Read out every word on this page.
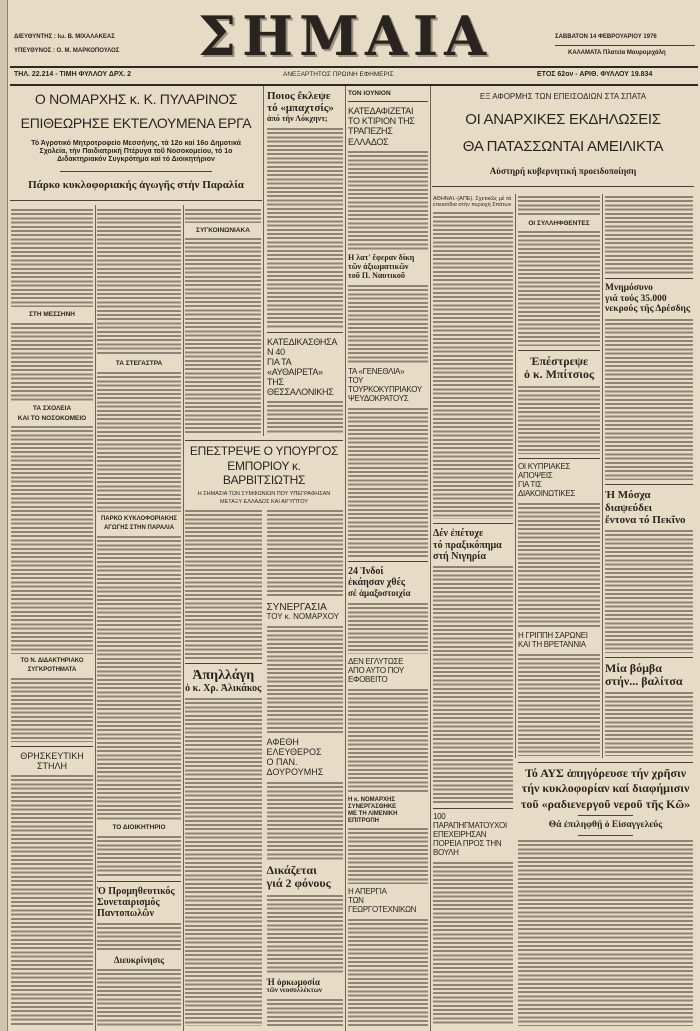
ΔΙΕΥΘΥΝΤΗΣ : Ιω. Β. ΜΙΧΑΛΑΚΕΑΣ
ΥΠΕΥΘΥΝΟΣ : Ο. Μ. ΜΑΡΚΟΠΟΥΛΟΣ	ΣΗΜΑΙΑ	ΣΑΒΒΑΤΟΝ 14 ΦΕΒΡΟΥΑΡΙΟΥ 1976
ΚΑΛΑΜΑΤΑ Πλατεία Μαυρομιχάλη
ΤΗΛ. 22.214 - ΤΙΜΗ ΦΥΛΛΟΥ ΔΡΧ. 2	ΑΝΕΞΑΡΤΗΤΟΣ ΠΡΩΙΝΗ ΕΦΗΜΕΡΙΣ	ΕΤΟΣ 62ον - ΑΡΙΘ. ΦΥΛΛΟΥ 19.834
Ο ΝΟΜΑΡΧΗΣ κ. Κ. ΠΥΛΑΡΙΝΟΣ
ΕΠΙΘΕΩΡΗΣΕ ΕΚΤΕΛΟΥΜΕΝΑ ΕΡΓΑ
Τό Άγροτικό Μητροτροφείο Μεσσήνης, τά 12ο καί 16ο Δημοτικά Σχολεία, τήν Παιδιατρική Πτέρυγα τοῦ Νοσοκομείου, τό 1ο Διδακτηριακόν Συγκρότημα καί τό Διοικητήριον
Πάρκο κυκλοφοριακής ἀγωγῆς στὴν Παραλία
ΣΤΗ ΜΕΣΣΗΝΗ
ΤΑ ΣΧΟΛΕΙΑ
ΚΑΙ ΤΟ ΝΟΣΟΚΟΜΕΙΟ
ΤΟ Ν. ΔΙΔΑΚΤΗΡΙΑΚΟ
ΣΥΓΚΡΟΤΗΜΑΤΑ
ΘΡΗΣΚΕΥΤΙΚΗ ΣΤΗΛΗ
ΤΑ ΣΤΕΓΑΣΤΡΑ
ΠΑΡΚΟ ΚΥΚΛΟΦΟΡΙΑΚΗΣ
ΑΓΩΓΗΣ ΣΤΗΝ ΠΑΡΑΛΙΑ
ΤΟ ΔΙΟΙΚΗΤΗΡΙΟ
Ὁ Προμηθευτικός
Συνεταιρισμός
Παντοπωλῶν
Διευκρίνησις
ΣΥΓΚΟΙΝΩΝΙΑΚΑ
Ποιος ἔκλεψε
τό «μπαχτσίς»
ἀπό τήν Λόκχηντ;
ΚΑΤΕΔΙΚΑΣΘΗΣΑΝ 40
ΓΙΑ ΤΑ «ΑΥΘΑΙΡΕΤΑ»
ΤΗΣ ΘΕΣΣΑΛΟΝΙΚΗΣ
ΕΠΕΣΤΡΕΨΕ Ο ΥΠΟΥΡΓΟΣ
ΕΜΠΟΡΙΟΥ κ. ΒΑΡΒΙΤΣΙΩΤΗΣ
Η ΣΗΜΑΣΙΑ ΤΩΝ ΣΥΜΦΩΝΙΩΝ ΠΟΥ ΥΠΕΓΡΑΦΗΣΑΝ
ΜΕΤΑΞΥ ΕΛΛΑΔΟΣ ΚΑΙ ΑΙΓΥΠΤΟΥ
Ἀπηλλάγη
ὁ κ. Χρ. Ἀλικάκος
ΣΥΝΕΡΓΑΣΙΑ
ΤΟΥ κ. ΝΟΜΑΡΧΟΥ
ΑΦΕΘΗ ΕΛΕΥΘΕΡΟΣ
Ο ΠΑΝ. ΔΟΥΡΟΥΜΗΣ
Δικάζεται
γιά 2 φόνους
Ἡ ὁρκωμοσία
τῶν νεοσυλλέκτων
ΤΟΝ ΙΟΥΝΙΟΝ
ΚΑΤΕΔΑΦΙΖΕΤΑΙ
ΤΟ ΚΤΙΡΙΟΝ ΤΗΣ
ΤΡΑΠΕΖΗΣ ΕΛΛΑΔΟΣ
Η λατ' ἔφεραν δίκη
τῶν ἀξιωματικῶν
τοῦ Π. Ναυτικοῦ
ΤΑ «ΓΕΝΕΘΛΙΑ»
ΤΟΥ ΤΟΥΡΚΟΚΥΠΡΙΑΚΟΥ
ΨΕΥΔΟΚΡΑΤΟΥΣ
24 Ἰνδοί
ἐκάησαν χθές
σέ ἀμαξοστοιχία
ΔΕΝ ΕΓΛΥΤΩΣΕ
ΑΠΟ ΑΥΤΟ ΠΟΥ ΕΦΟΒΕΙΤΟ
Η κ. ΝΟΜΑΡΧΗΣ
ΣΥΝΕΡΓΑΣΘΗΚΕ
ΜΕ ΤΗ ΛΙΜΕΝΙΚΗ ΕΠΙΤΡΟΠΗ
Η ΑΠΕΡΓΙΑ
ΤΩΝ ΓΕΩΡΓΟΤΕΧΝΙΚΩΝ
ΕΞ ΑΦΟΡΜΗΣ ΤΩΝ ΕΠΕΙΣΟΔΙΩΝ ΣΤΑ ΣΠΑΤΑ
ΟΙ ΑΝΑΡΧΙΚΕΣ ΕΚΔΗΛΩΣΕΙΣ
ΘΑ ΠΑΤΑΣΣΩΝΤΑΙ ΑΜΕΙΛΙΚΤΑ
Αὐστηρή κυβερνητική προειδοποίηση
ΑΘΗΝΑΙ.-(ΑΠΕ). Σχετικῶς μέ τά ἐπεισόδια στήν περιοχή Σπάτων
Δέν ἐπέτυχε
τό πραξικόπημα
στή Νιγηρία
100 ΠΑΡΑΠΗΓΜΑΤΟΥΧΟΙ
ΕΠΕΧΕΙΡΗΣΑΝ
ΠΟΡΕΙΑ ΠΡΟΣ ΤΗΝ ΒΟΥΛΗ
ΟΙ ΣΥΛΛΗΦΘΕΝΤΕΣ
Ἐπέστρεψε
ὁ κ. Μπίτσιος
ΟΙ ΚΥΠΡΙΑΚΕΣ ΑΠΟΨΕΙΣ
ΓΙΑ ΤΙΣ ΔΙΑΚΟΙΝΩΤΙΚΕΣ
Η ΓΡΙΠΠΗ ΣΑΡΩΝΕΙ
ΚΑΙ ΤΗ ΒΡΕΤΑΝΝΙΑ
Μνημόσυνο
γιά τούς 35.000
νεκρούς τῆς Δρέσδης
Ἡ Μόσχα διαψεύδει
ἔντονα τό Πεκῖνο
Μία βόμβα
στήν... βαλίτσα
Τό ΑΥΣ ἀπηγόρευσε τήν χρῆσιν
τήν κυκλοφορίαν καί διαφήμισιν
τοῦ «ραδιενεργοῦ νεροῦ τῆς Κῶ»
Θά ἐπιληφθῇ ὁ Εἰσαγγελεύς
